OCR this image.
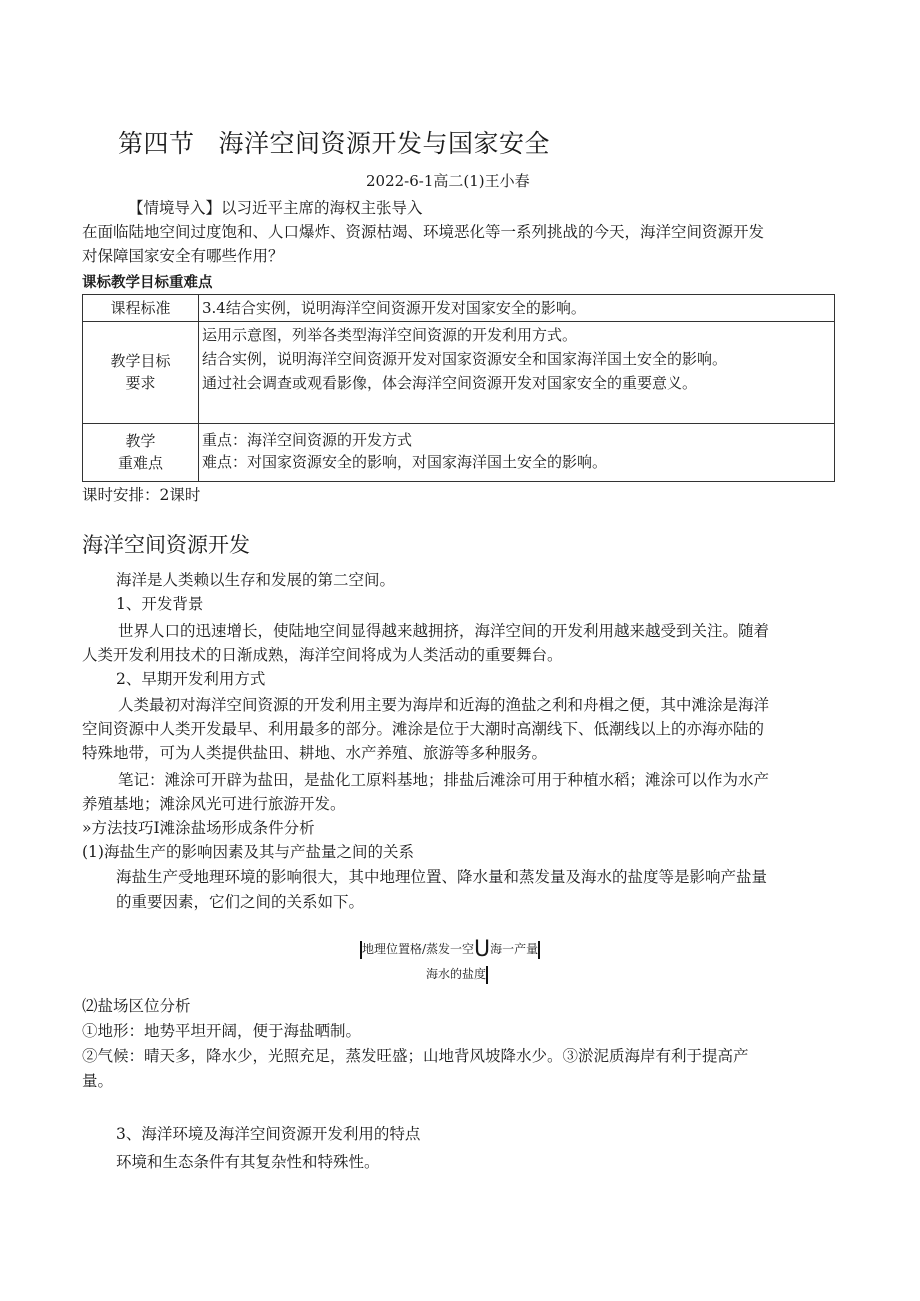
第四节 海洋空间资源开发与国家安全
2022-6-1高二(1)王小春
【情境导入】以习近平主席的海权主张导入
在面临陆地空间过度饱和、人口爆炸、资源枯竭、环境恶化等一系列挑战的今天，海洋空间资源开发
对保障国家安全有哪些作用？
课标教学目标重难点
课程标准	3.4结合实例，说明海洋空间资源开发对国家安全的影响。
教学目标
要求
运用示意图，列举各类型海洋空间资源的开发利用方式。
结合实例，说明海洋空间资源开发对国家资源安全和国家海洋国土安全的影响。
通过社会调查或观看影像，体会海洋空间资源开发对国家安全的重要意义。
教学
重难点
重点：海洋空间资源的开发方式
难点：对国家资源安全的影响，对国家海洋国土安全的影响。
课时安排：2课时
海洋空间资源开发
海洋是人类赖以生存和发展的第二空间。
1、开发背景
世界人口的迅速增长，使陆地空间显得越来越拥挤，海洋空间的开发利用越来越受到关注。随着
人类开发利用技术的日渐成熟，海洋空间将成为人类活动的重要舞台。
2、早期开发利用方式
人类最初对海洋空间资源的开发利用主要为海岸和近海的渔盐之利和舟楫之便，其中滩涂是海洋
空间资源中人类开发最早、利用最多的部分。滩涂是位于大潮时高潮线下、低潮线以上的亦海亦陆的
特殊地带，可为人类提供盐田、耕地、水产养殖、旅游等多种服务。
笔记：滩涂可开辟为盐田，是盐化工原料基地；排盐后滩涂可用于种植水稻；滩涂可以作为水产
养殖基地；滩涂风光可进行旅游开发。
»方法技巧I滩涂盐场形成条件分析
(1)海盐生产的影响因素及其与产盐量之间的关系
海盐生产受地理环境的影响很大，其中地理位置、降水量和蒸发量及海水的盐度等是影响产盐量
的重要因素，它们之间的关系如下。
地理位置格/蒸发一空U海一产量
海水的盐度
⑵盐场区位分析
①地形：地势平坦开阔，便于海盐晒制。
②气候：晴天多，降水少，光照充足，蒸发旺盛；山地背风坡降水少。③淤泥质海岸有利于提高产
量。
3、海洋环境及海洋空间资源开发利用的特点
环境和生态条件有其复杂性和特殊性。
